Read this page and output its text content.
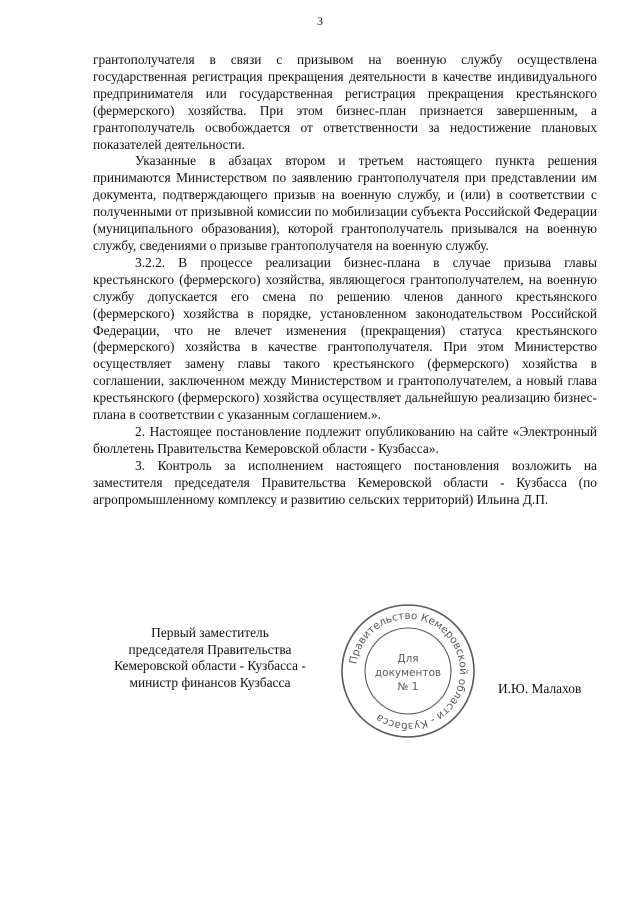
3

грантополучателя в связи с призывом на военную службу осуществлена государственная регистрация прекращения деятельности в качестве индивидуального предпринимателя или государственная регистрация прекращения крестьянского (фермерского) хозяйства. При этом бизнес-план признается завершенным, а грантополучатель освобождается от ответственности за недостижение плановых показателей деятельности.

Указанные в абзацах втором и третьем настоящего пункта решения принимаются Министерством по заявлению грантополучателя при представлении им документа, подтверждающего призыв на военную службу, и (или) в соответствии с полученными от призывной комиссии по мобилизации субъекта Российской Федерации (муниципального образования), которой грантополучатель призывался на военную службу, сведениями о призыве грантополучателя на военную службу.

3.2.2. В процессе реализации бизнес-плана в случае призыва главы крестьянского (фермерского) хозяйства, являющегося грантополучателем, на военную службу допускается его смена по решению членов данного крестьянского (фермерского) хозяйства в порядке, установленном законодательством Российской Федерации, что не влечет изменения (прекращения) статуса крестьянского (фермерского) хозяйства в качестве грантополучателя. При этом Министерство осуществляет замену главы такого крестьянского (фермерского) хозяйства в соглашении, заключенном между Министерством и грантополучателем, а новый глава крестьянского (фермерского) хозяйства осуществляет дальнейшую реализацию бизнес-плана в соответствии с указанным соглашением.».

2. Настоящее постановление подлежит опубликованию на сайте «Электронный бюллетень Правительства Кемеровской области - Кузбасса».

3. Контроль за исполнением настоящего постановления возложить на заместителя председателя Правительства Кемеровской области - Кузбасса (по агропромышленному комплексу и развитию сельских территорий) Ильина Д.П.

Первый заместитель
председателя Правительства
Кемеровской области - Кузбасса -
министр финансов Кузбасса
Правительство Кемеровской области - Кузбасса
Для
документов
№ 1	И.Ю. Малахов
